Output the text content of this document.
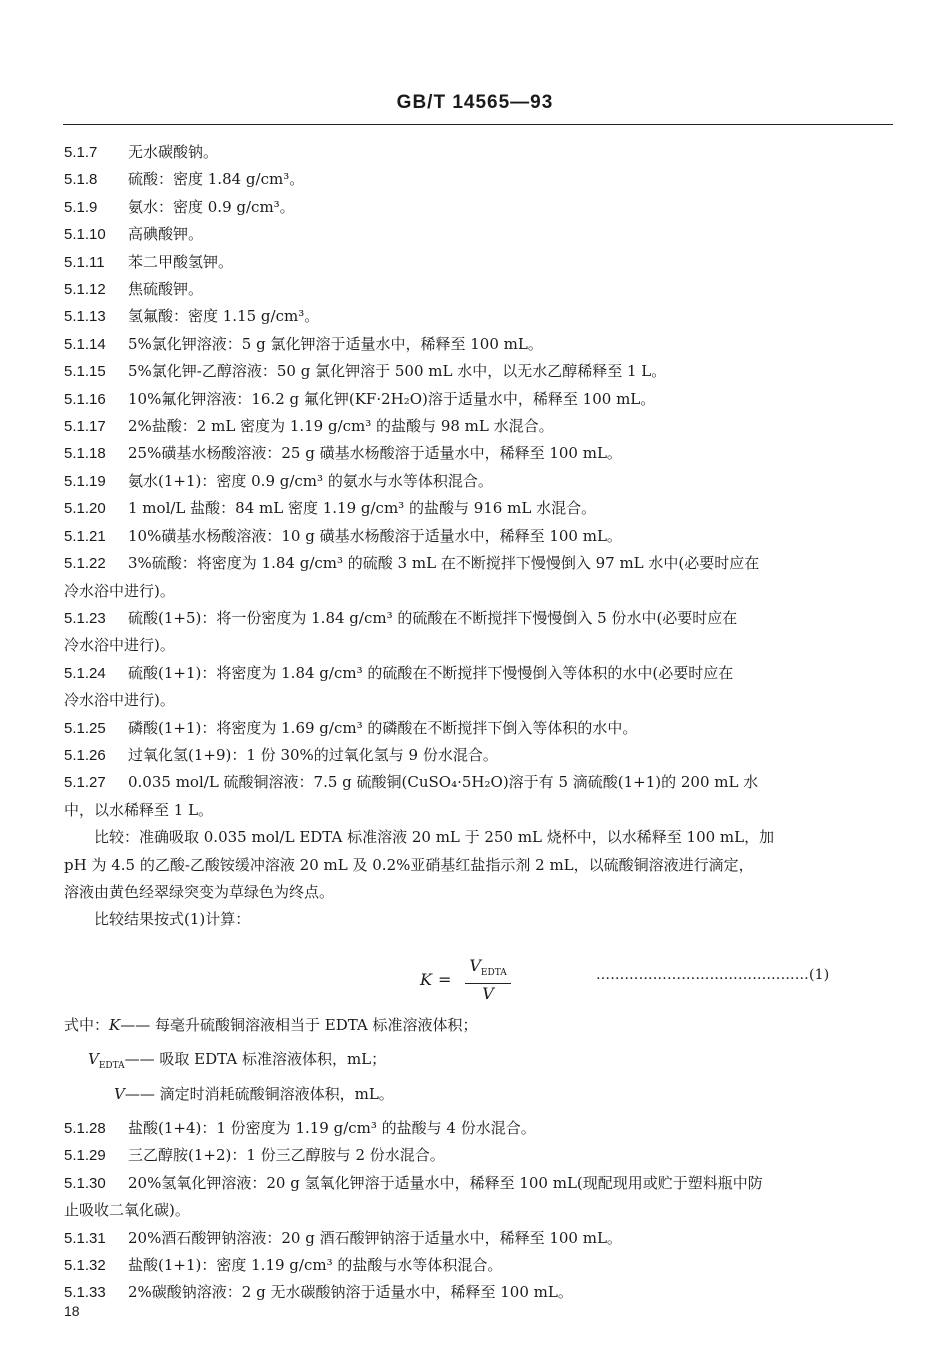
GB/T 14565—93
5.1.7 无水碳酸钠。
5.1.8 硫酸：密度 1.84 g/cm³。
5.1.9 氨水：密度 0.9 g/cm³。
5.1.10 高碘酸钾。
5.1.11 苯二甲酸氢钾。
5.1.12 焦硫酸钾。
5.1.13 氢氟酸：密度 1.15 g/cm³。
5.1.14 5%氯化钾溶液：5 g 氯化钾溶于适量水中，稀释至 100 mL。
5.1.15 5%氯化钾-乙醇溶液：50 g 氯化钾溶于 500 mL 水中，以无水乙醇稀释至 1 L。
5.1.16 10%氟化钾溶液：16.2 g 氟化钾(KF·2H₂O)溶于适量水中，稀释至 100 mL。
5.1.17 2%盐酸：2 mL 密度为 1.19 g/cm³ 的盐酸与 98 mL 水混合。
5.1.18 25%磺基水杨酸溶液：25 g 磺基水杨酸溶于适量水中，稀释至 100 mL。
5.1.19 氨水(1+1)：密度 0.9 g/cm³ 的氨水与水等体积混合。
5.1.20 1 mol/L 盐酸：84 mL 密度 1.19 g/cm³ 的盐酸与 916 mL 水混合。
5.1.21 10%磺基水杨酸溶液：10 g 磺基水杨酸溶于适量水中，稀释至 100 mL。
5.1.22 3%硫酸：将密度为 1.84 g/cm³ 的硫酸 3 mL 在不断搅拌下慢慢倒入 97 mL 水中(必要时应在
冷水浴中进行)。
5.1.23 硫酸(1+5)：将一份密度为 1.84 g/cm³ 的硫酸在不断搅拌下慢慢倒入 5 份水中(必要时应在
冷水浴中进行)。
5.1.24 硫酸(1+1)：将密度为 1.84 g/cm³ 的硫酸在不断搅拌下慢慢倒入等体积的水中(必要时应在
冷水浴中进行)。
5.1.25 磷酸(1+1)：将密度为 1.69 g/cm³ 的磷酸在不断搅拌下倒入等体积的水中。
5.1.26 过氧化氢(1+9)：1 份 30%的过氧化氢与 9 份水混合。
5.1.27 0.035 mol/L 硫酸铜溶液：7.5 g 硫酸铜(CuSO₄·5H₂O)溶于有 5 滴硫酸(1+1)的 200 mL 水
中，以水稀释至 1 L。
比较：准确吸取 0.035 mol/L EDTA 标准溶液 20 mL 于 250 mL 烧杯中，以水稀释至 100 mL，加
pH 为 4.5 的乙酸-乙酸铵缓冲溶液 20 mL 及 0.2%亚硝基红盐指示剂 2 mL，以硫酸铜溶液进行滴定，
溶液由黄色经翠绿突变为草绿色为终点。
比较结果按式(1)计算：
$K = \frac{V_{EDTA}}{V}$	………………………………………(1)
式中：K—— 每毫升硫酸铜溶液相当于 EDTA 标准溶液体积；
$V_{EDTA}——$ 吸取 EDTA 标准溶液体积，mL；
V—— 滴定时消耗硫酸铜溶液体积，mL。
5.1.28 盐酸(1+4)：1 份密度为 1.19 g/cm³ 的盐酸与 4 份水混合。
5.1.29 三乙醇胺(1+2)：1 份三乙醇胺与 2 份水混合。
5.1.30 20%氢氧化钾溶液：20 g 氢氧化钾溶于适量水中，稀释至 100 mL(现配现用或贮于塑料瓶中防
止吸收二氧化碳)。
5.1.31 20%酒石酸钾钠溶液：20 g 酒石酸钾钠溶于适量水中，稀释至 100 mL。
5.1.32 盐酸(1+1)：密度 1.19 g/cm³ 的盐酸与水等体积混合。
5.1.33 2%碳酸钠溶液：2 g 无水碳酸钠溶于适量水中，稀释至 100 mL。
18
